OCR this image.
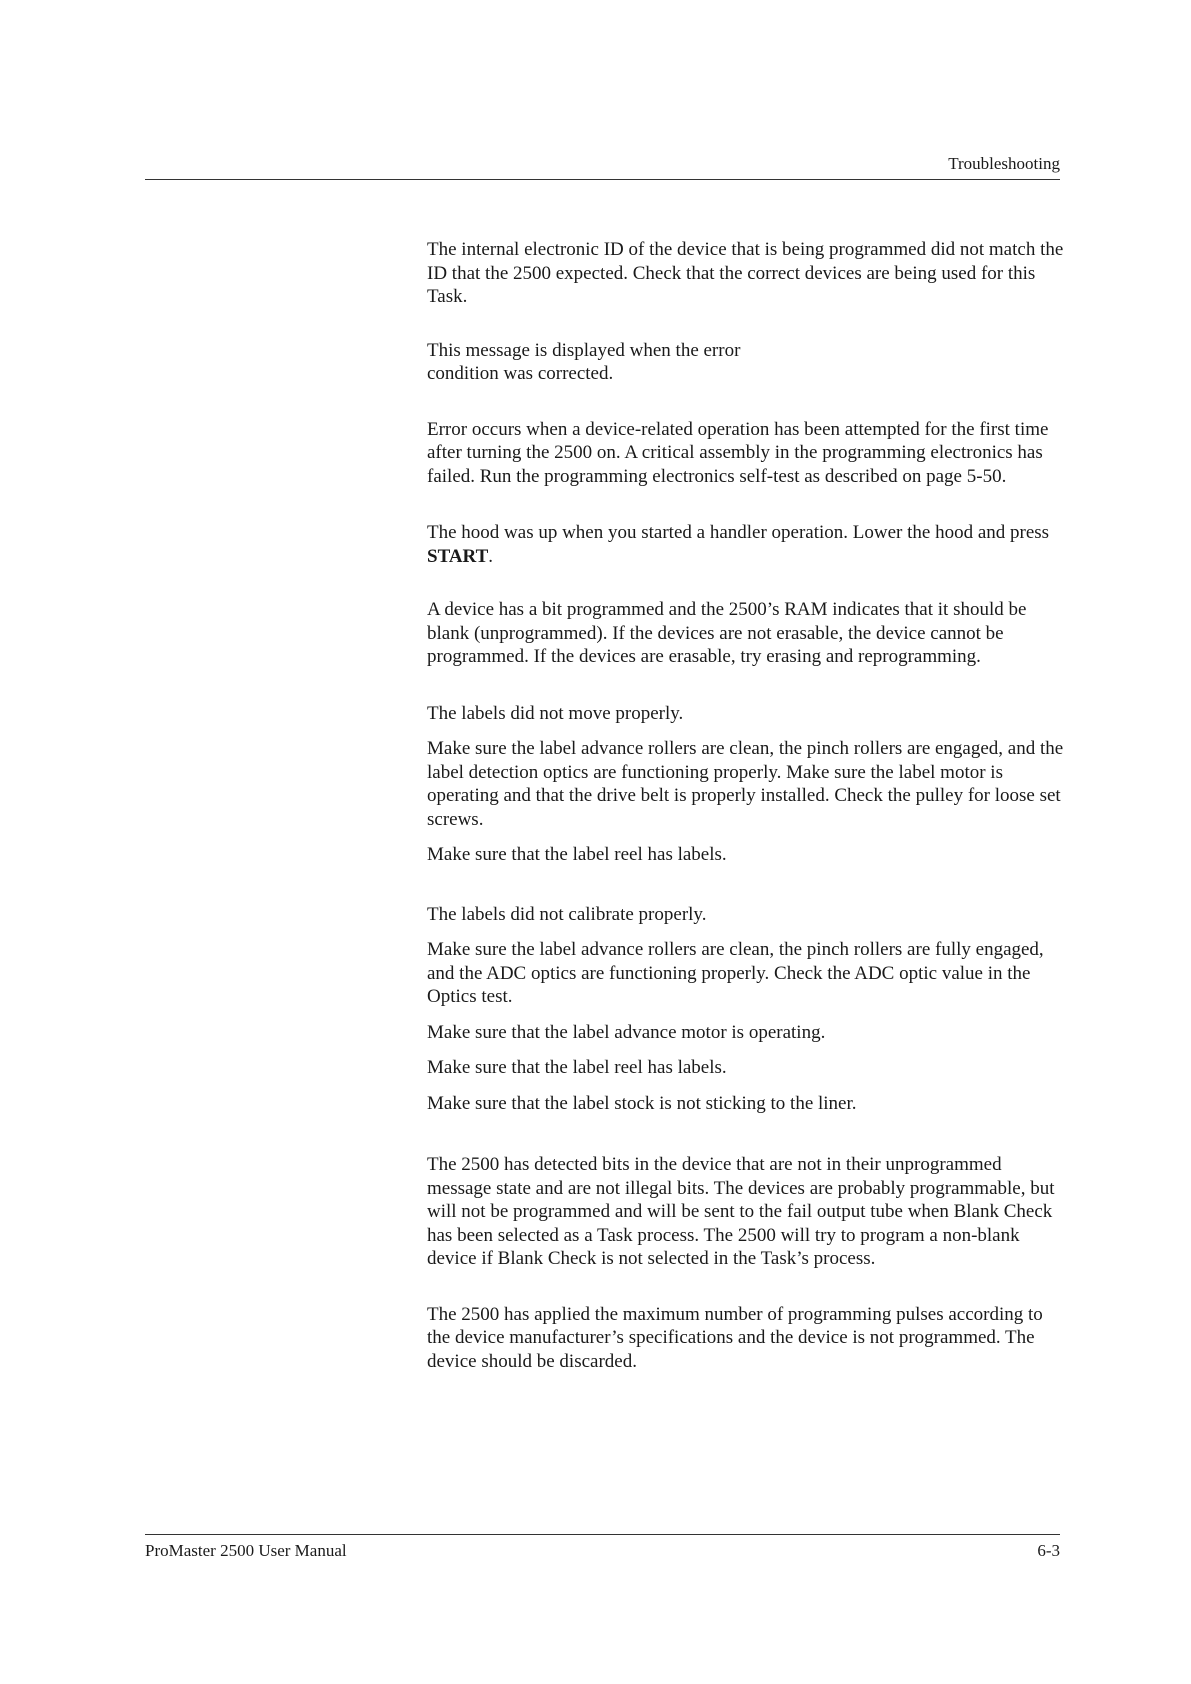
Troubleshooting

The internal electronic ID of the device that is being programmed did not match the ID that the 2500 expected. Check that the correct devices are being used for this Task.

This message is displayed when the error condition was corrected.

Error occurs when a device-related operation has been attempted for the first time after turning the 2500 on. A critical assembly in the programming electronics has failed. Run the programming electronics self-test as described on page 5-50.

The hood was up when you started a handler operation. Lower the hood and press START.

A device has a bit programmed and the 2500’s RAM indicates that it should be blank (unprogrammed). If the devices are not erasable, the device cannot be programmed. If the devices are erasable, try erasing and reprogramming.

The labels did not move properly.

Make sure the label advance rollers are clean, the pinch rollers are engaged, and the label detection optics are functioning properly. Make sure the label motor is operating and that the drive belt is properly installed. Check the pulley for loose set screws.

Make sure that the label reel has labels.

The labels did not calibrate properly.

Make sure the label advance rollers are clean, the pinch rollers are fully engaged, and the ADC optics are functioning properly. Check the ADC optic value in the Optics test.

Make sure that the label advance motor is operating.

Make sure that the label reel has labels.

Make sure that the label stock is not sticking to the liner.

The 2500 has detected bits in the device that are not in their unprogrammed message state and are not illegal bits. The devices are probably programmable, but will not be programmed and will be sent to the fail output tube when Blank Check has been selected as a Task process. The 2500 will try to program a non-blank device if Blank Check is not selected in the Task’s process.

The 2500 has applied the maximum number of programming pulses according to the device manufacturer’s specifications and the device is not programmed. The device should be discarded.

ProMaster 2500 User Manual	6-3
